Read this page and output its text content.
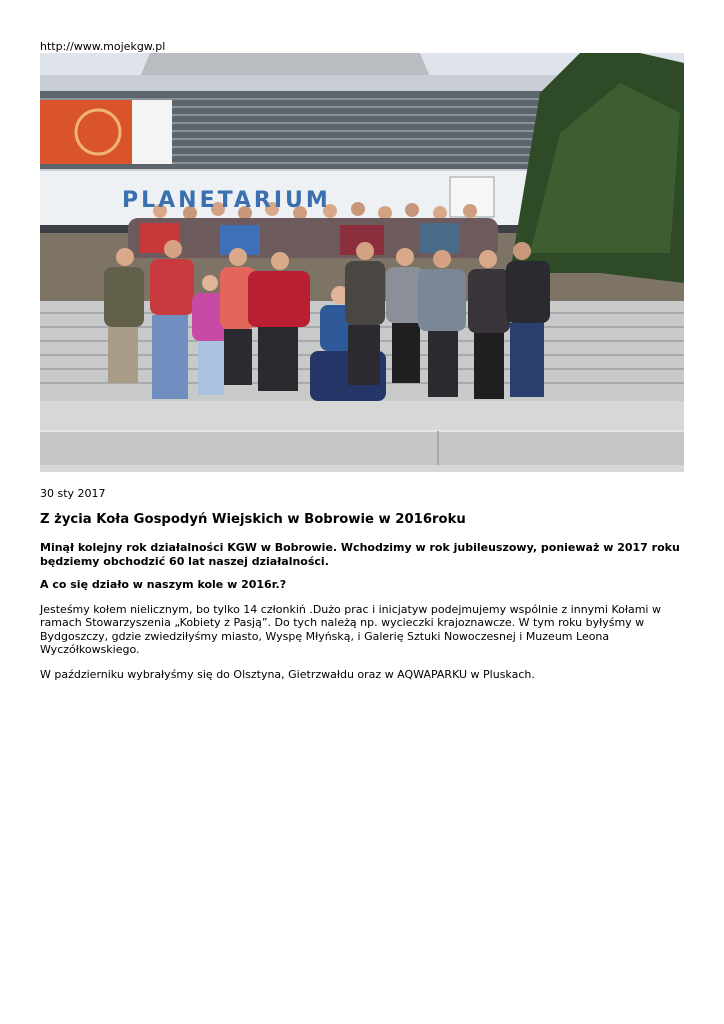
http://www.mojekgw.pl
PLANETARIUM
30 sty 2017
Z życia Koła Gospodyń Wiejskich w Bobrowie w 2016roku

Minął kolejny rok działalności KGW w Bobrowie. Wchodzimy w rok jubileuszowy, ponieważ w 2017 roku będziemy obchodzić 60 lat naszej działalności.

A co się działo w naszym kole w 2016r.?

Jesteśmy kołem nielicznym, bo tylko 14 członkiń .Dużo prac i inicjatyw podejmujemy wspólnie z innymi Kołami w ramach Stowarzyszenia „Kobiety z Pasją”. Do tych należą np. wycieczki krajoznawcze. W tym roku byłyśmy w Bydgoszczy, gdzie zwiedziłyśmy miasto, Wyspę Młyńską, i Galerię Sztuki Nowoczesnej i Muzeum Leona Wyczółkowskiego.

W październiku wybrałyśmy się do Olsztyna, Gietrzwałdu oraz w AQWAPARKU w Pluskach.
